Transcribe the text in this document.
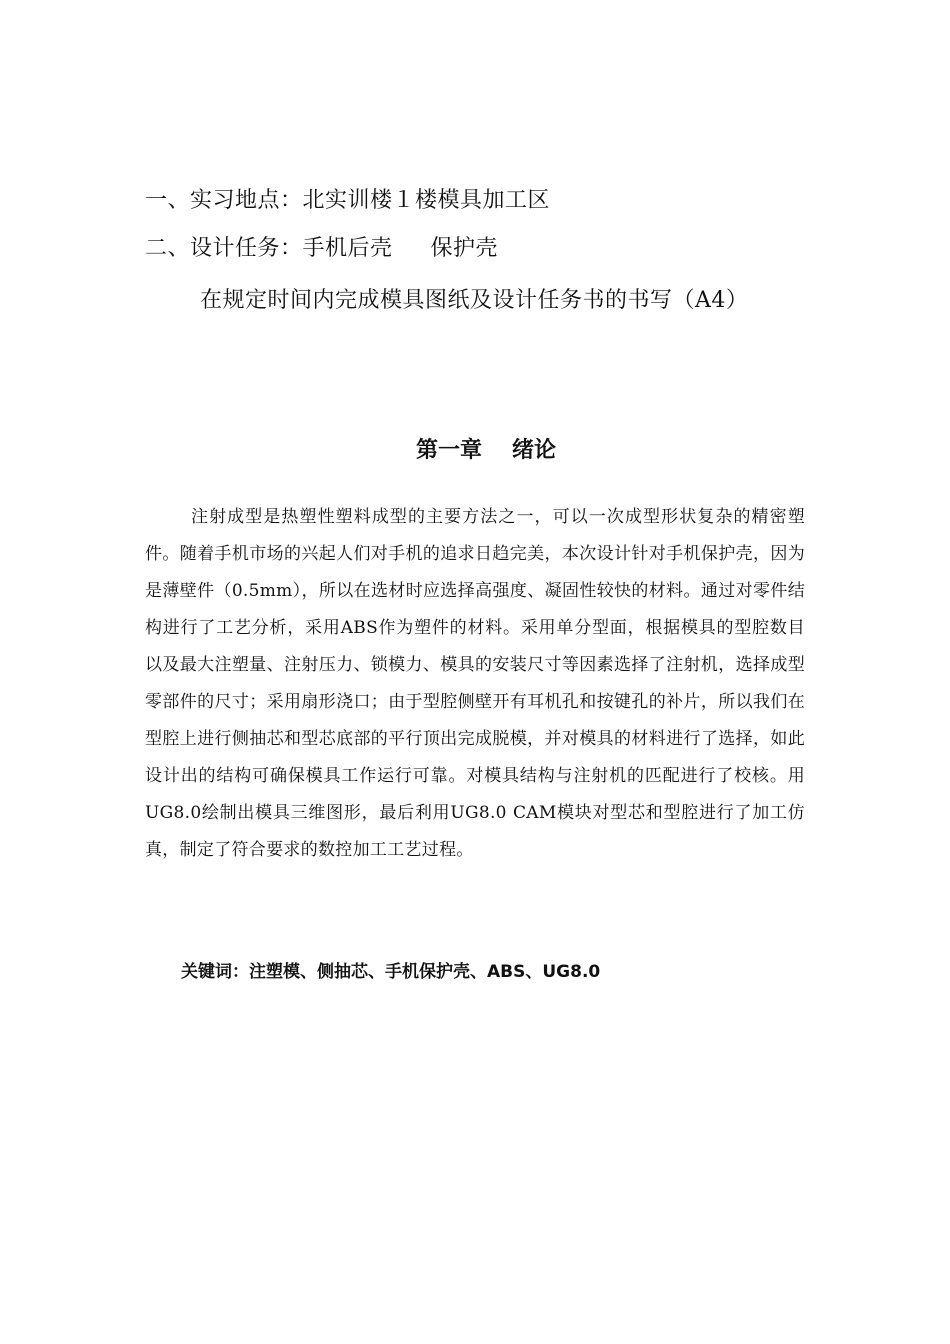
一、实习地点：北实训楼１楼模具加工区
二、设计任务：手机后壳 保护壳
在规定时间内完成模具图纸及设计任务书的书写（A4）
第一章 绪论

注射成型是热塑性塑料成型的主要方法之一，可以一次成型形状复杂的精密塑件。随着手机市场的兴起人们对手机的追求日趋完美，本次设计针对手机保护壳，因为是薄壁件（0.5mm），所以在选材时应选择高强度、凝固性较快的材料。通过对零件结构进行了工艺分析，采用ABS作为塑件的材料。采用单分型面，根据模具的型腔数目以及最大注塑量、注射压力、锁模力、模具的安装尺寸等因素选择了注射机，选择成型零部件的尺寸；采用扇形浇口；由于型腔侧壁开有耳机孔和按键孔的补片，所以我们在型腔上进行侧抽芯和型芯底部的平行顶出完成脱模，并对模具的材料进行了选择，如此设计出的结构可确保模具工作运行可靠。对模具结构与注射机的匹配进行了校核。用UG8.0绘制出模具三维图形，最后利用UG8.0 CAM模块对型芯和型腔进行了加工仿真，制定了符合要求的数控加工工艺过程。

关键词：注塑模、侧抽芯、手机保护壳、ABS、UG8.0
